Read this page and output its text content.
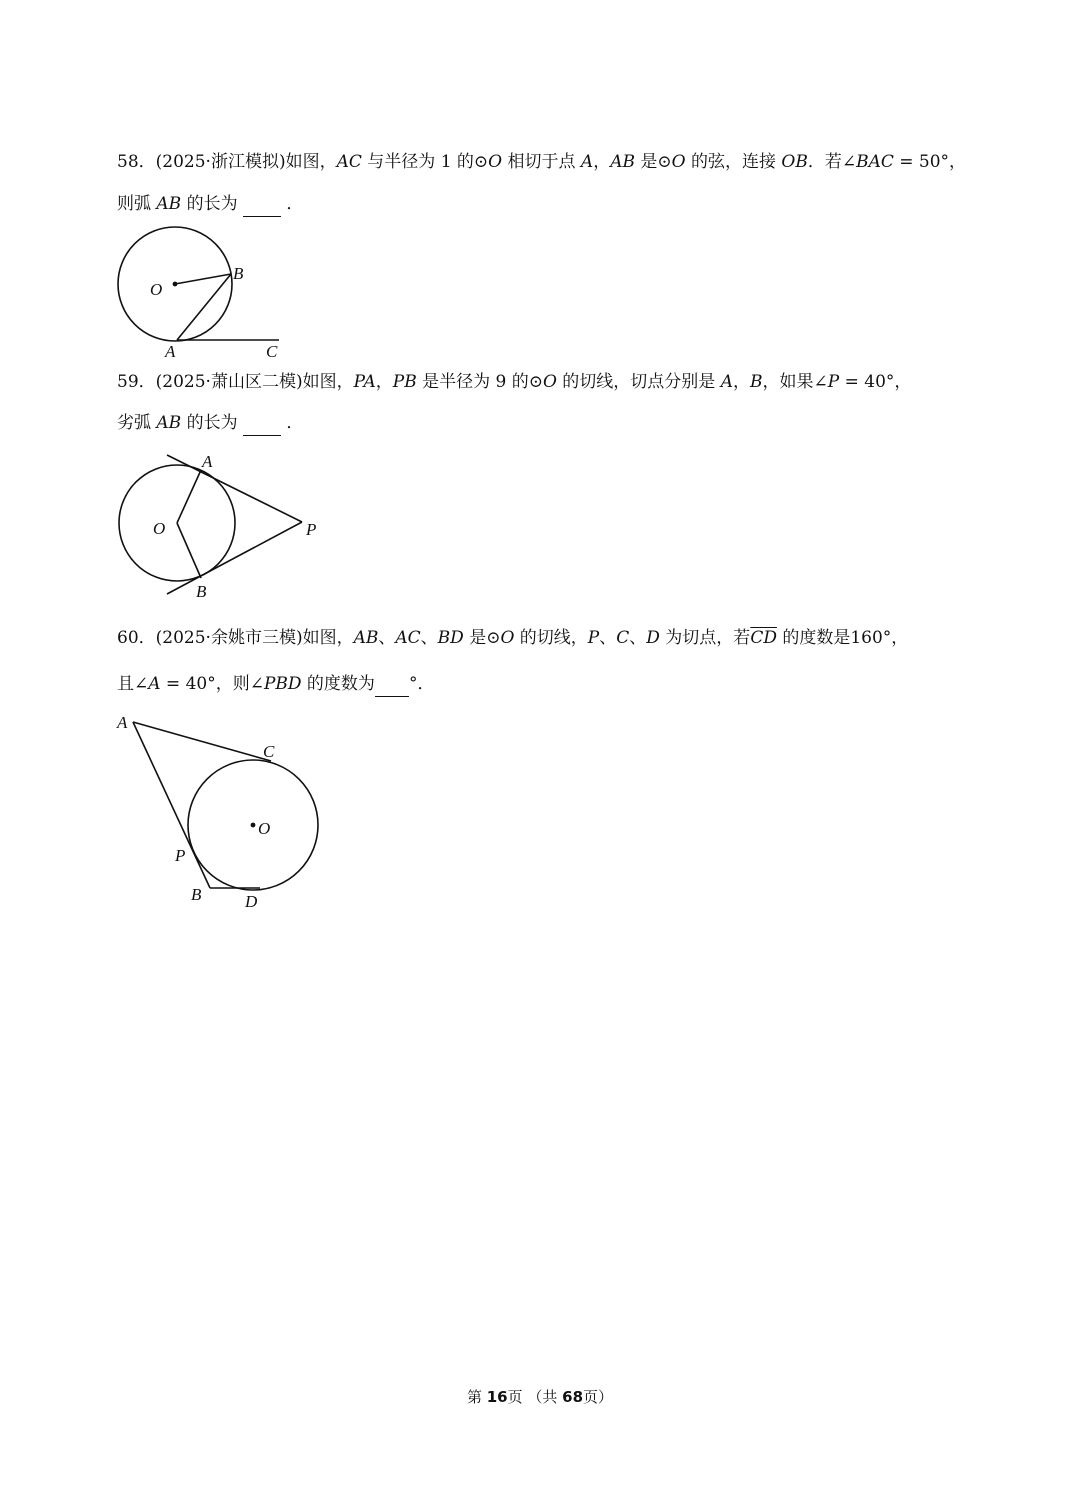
58．(2025·浙江模拟)如图，AC 与半径为 1 的⊙O 相切于点 A，AB 是⊙O 的弦，连接 OB．若∠BAC = 50°，
则弧 AB 的长为	．
O
B
A	C
59．(2025·萧山区二模)如图，PA，PB 是半径为 9 的⊙O 的切线，切点分别是 A，B，如果∠P = 40°，
劣弧 AB 的长为	．
A
O	P
B
60．(2025·余姚市三模)如图，AB、AC、BD 是⊙O 的切线，P、C、D 为切点，若$\overline{CD}$ 的度数是160°，
且∠A = 40°，则∠PBD 的度数为 °．
A
C
O
P
B	D
第 16页 （共 68页）
